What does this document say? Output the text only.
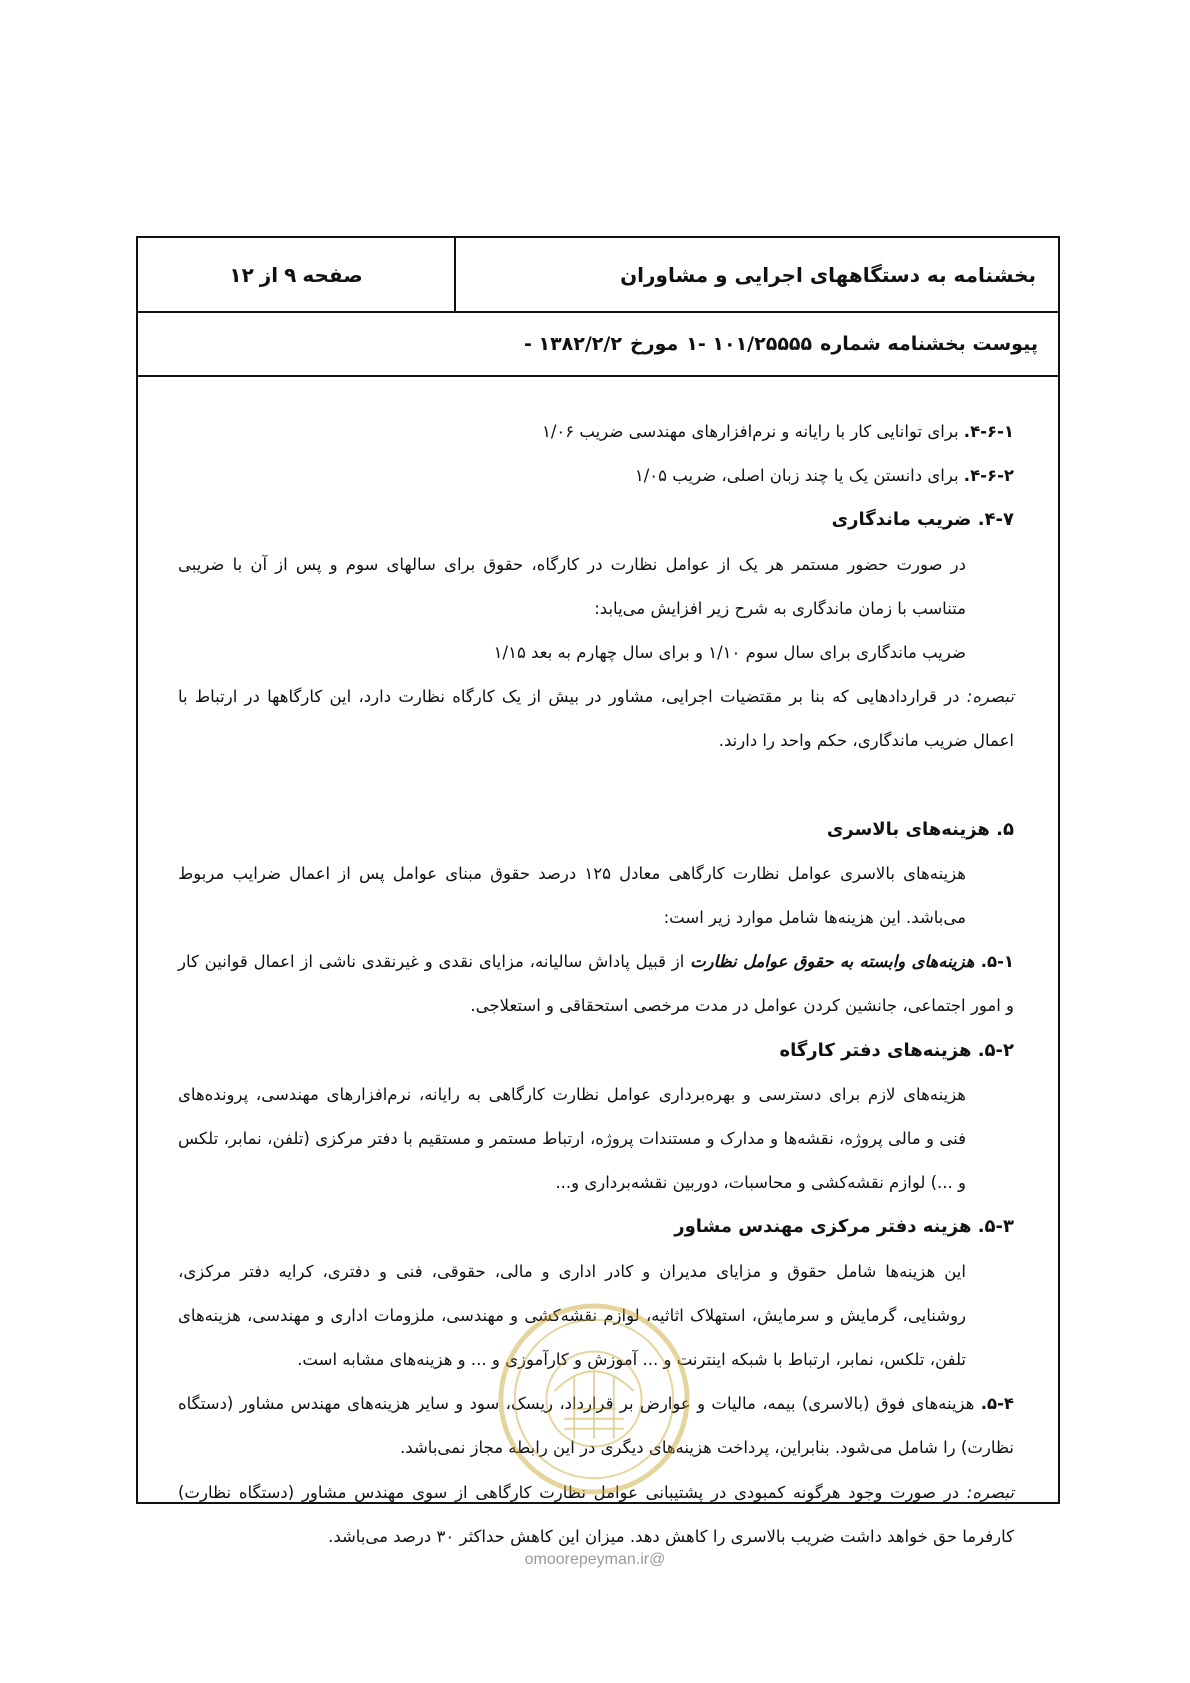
بخشنامه به دستگاههای اجرایی و مشاوران
صفحه
۹
از
۱۲
پیوست بخشنامه شماره
۱۰۱/۲۵۵۵۵ -۱
مورخ
۱۳۸۲/۲/۲ -

۴-۶-۱. برای توانایی کار با رایانه و نرم‌افزارهای مهندسی ضریب ۱/۰۶

۴-۶-۲. برای دانستن یک یا چند زبان اصلی، ضریب ۱/۰۵

۴-۷. ضریب ماندگاری

در صورت حضور مستمر هر یک از عوامل نظارت در کارگاه، حقوق برای سالهای سوم و پس از آن با ضریبی متناسب با زمان ماندگاری به شرح زیر افزایش می‌یابد:

ضریب ماندگاری برای سال سوم ۱/۱۰ و برای سال چهارم به بعد ۱/۱۵

تبصره: در قراردادهایی که بنا بر مقتضیات اجرایی، مشاور در بیش از یک کارگاه نظارت دارد، این کارگاهها در ارتباط با اعمال ضریب ماندگاری، حکم واحد را دارند.

۵. هزینه‌های بالاسری

هزینه‌های بالاسری عوامل نظارت کارگاهی معادل ۱۲۵ درصد حقوق مبنای عوامل پس از اعمال ضرایب مربوط می‌باشد. این هزینه‌ها شامل موارد زیر است:

۵-۱. هزینه‌های وابسته به حقوق عوامل نظارت از قبیل پاداش سالیانه، مزایای نقدی و غیرنقدی ناشی از اعمال قوانین کار و امور اجتماعی، جانشین کردن عوامل در مدت مرخصی استحقاقی و استعلاجی.

۵-۲. هزینه‌های دفتر کارگاه

هزینه‌های لازم برای دسترسی و بهره‌برداری عوامل نظارت کارگاهی به رایانه، نرم‌افزارهای مهندسی، پرونده‌های فنی و مالی پروژه، نقشه‌ها و مدارک و مستندات پروژه، ارتباط مستمر و مستقیم با دفتر مرکزی (تلفن، نمابر، تلکس و ...) لوازم نقشه‌کشی و محاسبات، دوربین نقشه‌برداری و...

۵-۳. هزینه دفتر مرکزی مهندس مشاور

این هزینه‌ها شامل حقوق و مزایای مدیران و کادر اداری و مالی، حقوقی، فنی و دفتری، کرایه دفتر مرکزی، روشنایی، گرمایش و سرمایش، استهلاک اثاثیه، لوازم نقشه‌کشی و مهندسی، ملزومات اداری و مهندسی، هزینه‌های تلفن، تلکس، نمابر، ارتباط با شبکه اینترنت و ... آموزش و کارآموزی و ... و هزینه‌های مشابه است.

۵-۴. هزینه‌های فوق (بالاسری) بیمه، مالیات و عوارض بر قرارداد، ریسک، سود و سایر هزینه‌های مهندس مشاور (دستگاه نظارت) را شامل می‌شود. بنابراین، پرداخت هزینه‌های دیگری در این رابطه مجاز نمی‌باشد.

تبصره: در صورت وجود هرگونه کمبودی در پشتیبانی عوامل نظارت کارگاهی از سوی مهندس مشاور (دستگاه نظارت) کارفرما حق خواهد داشت ضریب بالاسری را کاهش دهد. میزان این کاهش حداکثر ۳۰ درصد می‌باشد.

@omoorepeyman.ir
